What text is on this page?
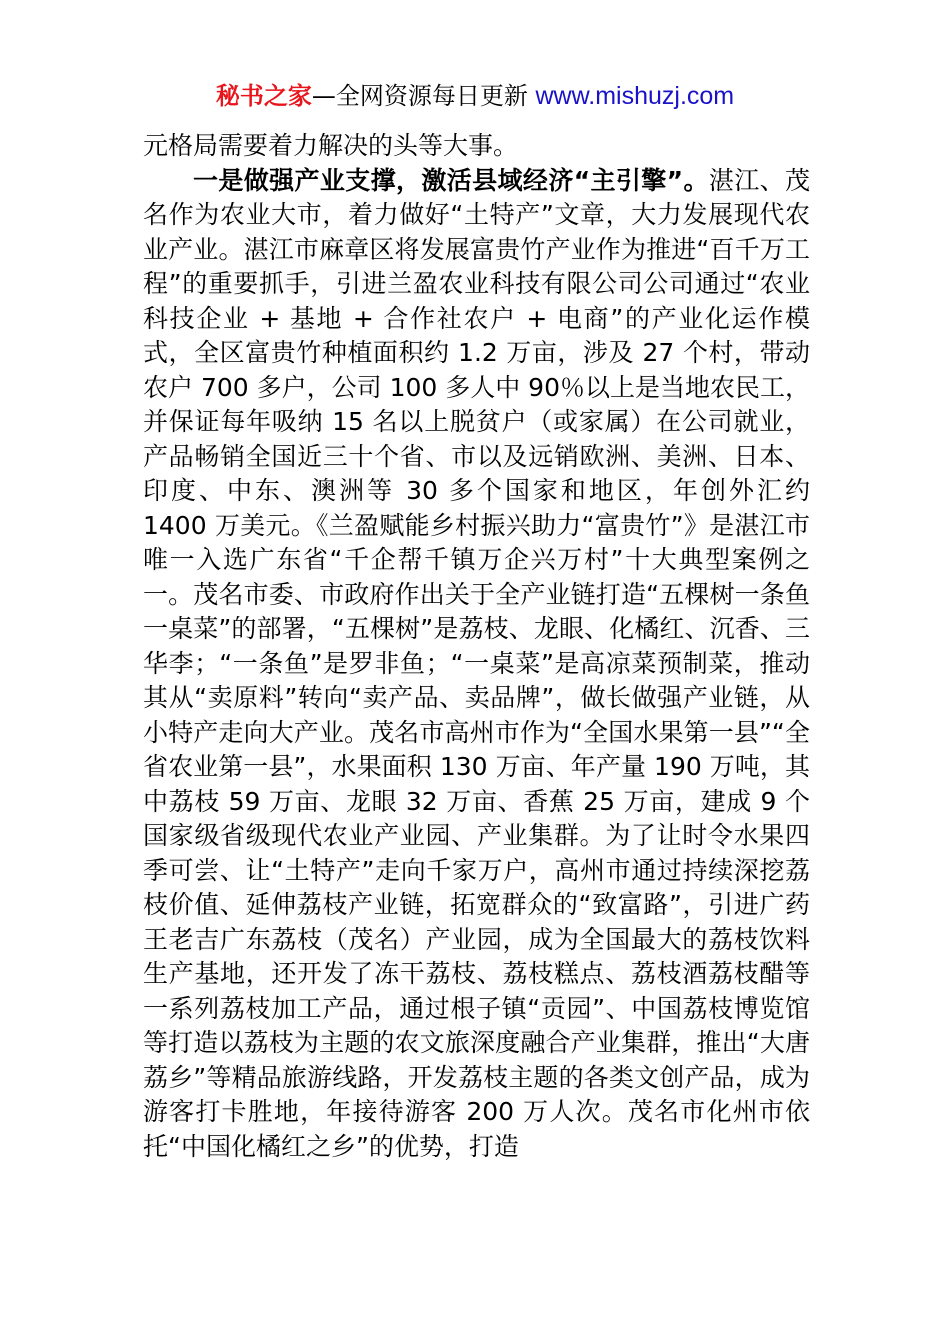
秘书之家—全网资源每日更新 www.mishuzj.com

元格局需要着力解决的头等大事。

一是做强产业支撑，激活县域经济“主引擎”。湛江、茂名作为农业大市，着力做好“土特产”文章，大力发展现代农业产业。湛江市麻章区将发展富贵竹产业作为推进“百千万工程”的重要抓手，引进兰盈农业科技有限公司公司通过“农业科技企业 + 基地 + 合作社农户 + 电商”的产业化运作模式，全区富贵竹种植面积约 1.2 万亩，涉及 27 个村，带动农户 700 多户，公司 100 多人中 90％以上是当地农民工，并保证每年吸纳 15 名以上脱贫户（或家属）在公司就业，产品畅销全国近三十个省、市以及远销欧洲、美洲、日本、印度、中东、澳洲等 30 多个国家和地区，年创外汇约 1400 万美元。《兰盈赋能乡村振兴助力“富贵竹”》是湛江市唯一入选广东省“千企帮千镇万企兴万村”十大典型案例之一。茂名市委、市政府作出关于全产业链打造“五棵树一条鱼一桌菜”的部署，“五棵树”是荔枝、龙眼、化橘红、沉香、三华李；“一条鱼”是罗非鱼；“一桌菜”是高凉菜预制菜，推动其从“卖原料”转向“卖产品、卖品牌”，做长做强产业链，从小特产走向大产业。茂名市高州市作为“全国水果第一县”“全省农业第一县”，水果面积 130 万亩、年产量 190 万吨，其中荔枝 59 万亩、龙眼 32 万亩、香蕉 25 万亩，建成 9 个国家级省级现代农业产业园、产业集群。为了让时令水果四季可尝、让“土特产”走向千家万户，高州市通过持续深挖荔枝价值、延伸荔枝产业链，拓宽群众的“致富路”，引进广药王老吉广东荔枝（茂名）产业园，成为全国最大的荔枝饮料生产基地，还开发了冻干荔枝、荔枝糕点、荔枝酒荔枝醋等一系列荔枝加工产品，通过根子镇“贡园”、中国荔枝博览馆等打造以荔枝为主题的农文旅深度融合产业集群，推出“大唐荔乡”等精品旅游线路，开发荔枝主题的各类文创产品，成为游客打卡胜地，年接待游客 200 万人次。茂名市化州市依托“中国化橘红之乡”的优势，打造
